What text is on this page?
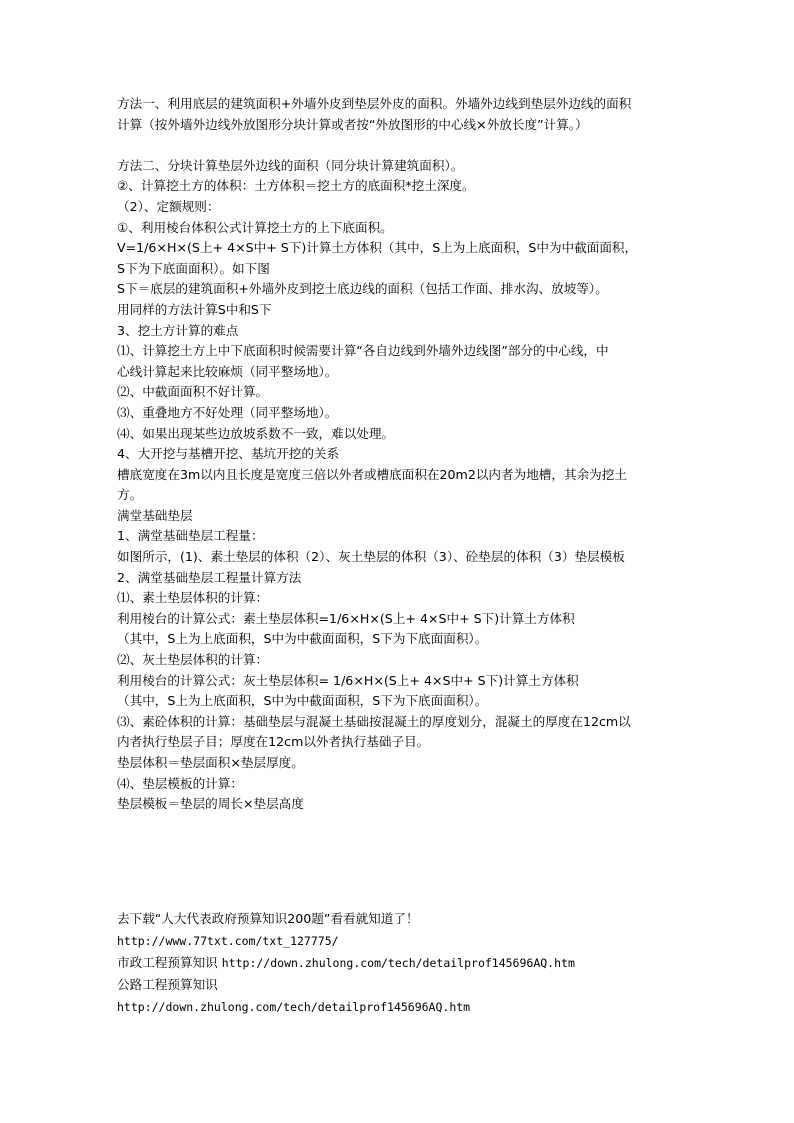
方法一、利用底层的建筑面积+外墙外皮到垫层外皮的面积。外墙外边线到垫层外边线的面积
计算（按外墙外边线外放图形分块计算或者按“外放图形的中心线×外放长度”计算。）
方法二、分块计算垫层外边线的面积（同分块计算建筑面积）。
②、计算挖土方的体积：土方体积＝挖土方的底面积*挖土深度。
（2）、定额规则：
①、利用棱台体积公式计算挖土方的上下底面积。
V=1/6×H×(S上+ 4×S中+ S下)计算土方体积（其中，S上为上底面积，S中为中截面面积，
S下为下底面面积）。如下图
S下＝底层的建筑面积+外墙外皮到挖土底边线的面积（包括工作面、排水沟、放坡等）。
用同样的方法计算S中和S下
3、挖土方计算的难点
⑴、计算挖土方上中下底面积时候需要计算“各自边线到外墙外边线图”部分的中心线，中
心线计算起来比较麻烦（同平整场地）。
⑵、中截面面积不好计算。
⑶、重叠地方不好处理（同平整场地）。
⑷、如果出现某些边放坡系数不一致，难以处理。
4、大开挖与基槽开挖、基坑开挖的关系
槽底宽度在3m以内且长度是宽度三倍以外者或槽底面积在20m2以内者为地槽，其余为挖土
方。
满堂基础垫层
1、满堂基础垫层工程量：
如图所示，(1)、素土垫层的体积（2）、灰土垫层的体积（3）、砼垫层的体积（3）垫层模板
2、满堂基础垫层工程量计算方法
⑴、素土垫层体积的计算：
利用棱台的计算公式：素土垫层体积=1/6×H×(S上+ 4×S中+ S下)计算土方体积
（其中，S上为上底面积，S中为中截面面积，S下为下底面面积）。
⑵、灰土垫层体积的计算：
利用棱台的计算公式：灰土垫层体积= 1/6×H×(S上+ 4×S中+ S下)计算土方体积
（其中，S上为上底面积，S中为中截面面积，S下为下底面面积）。
⑶、素砼体积的计算：基础垫层与混凝土基础按混凝土的厚度划分，混凝土的厚度在12cm以
内者执行垫层子目；厚度在12cm以外者执行基础子目。
垫层体积＝垫层面积×垫层厚度。
⑷、垫层模板的计算：
垫层模板＝垫层的周长×垫层高度
去下载“人大代表政府预算知识200题”看看就知道了！
http://www.77txt.com/txt_127775/
市政工程预算知识 http://down.zhulong.com/tech/detailprof145696AQ.htm
公路工程预算知识
http://down.zhulong.com/tech/detailprof145696AQ.htm
